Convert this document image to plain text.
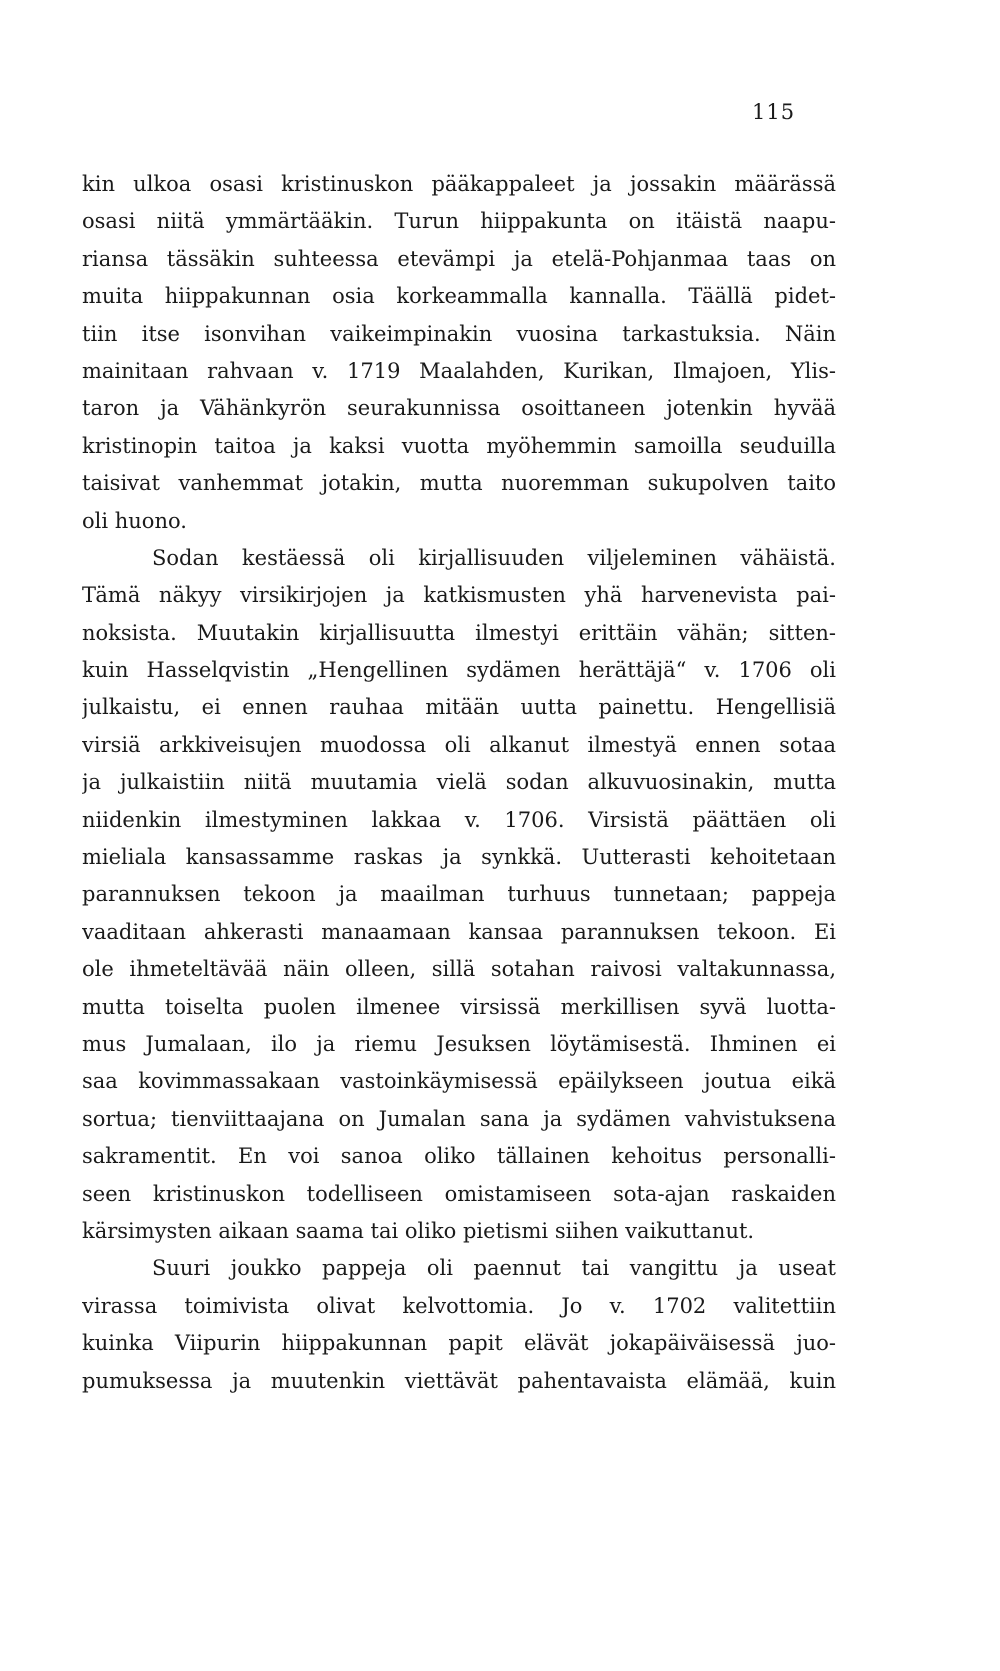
115
kin ulkoa osasi kristinuskon pääkappaleet ja jossakin määrässä
osasi niitä ymmärtääkin. Turun hiippakunta on itäistä naapu-
riansa tässäkin suhteessa etevämpi ja etelä-Pohjanmaa taas on
muita hiippakunnan osia korkeammalla kannalla. Täällä pidet-
tiin itse isonvihan vaikeimpinakin vuosina tarkastuksia. Näin
mainitaan rahvaan v. 1719 Maalahden, Kurikan, Ilmajoen, Ylis-
taron ja Vähänkyrön seurakunnissa osoittaneen jotenkin hyvää
kristinopin taitoa ja kaksi vuotta myöhemmin samoilla seuduilla
taisivat vanhemmat jotakin, mutta nuoremman sukupolven taito
oli huono.
Sodan kestäessä oli kirjallisuuden viljeleminen vähäistä.
Tämä näkyy virsikirjojen ja katkismusten yhä harvenevista pai-
noksista. Muutakin kirjallisuutta ilmestyi erittäin vähän; sitten-
kuin Hasselqvistin „Hengellinen sydämen herättäjä“ v. 1706 oli
julkaistu, ei ennen rauhaa mitään uutta painettu. Hengellisiä
virsiä arkkiveisujen muodossa oli alkanut ilmestyä ennen sotaa
ja julkaistiin niitä muutamia vielä sodan alkuvuosinakin, mutta
niidenkin ilmestyminen lakkaa v. 1706. Virsistä päättäen oli
mieliala kansassamme raskas ja synkkä. Uutterasti kehoitetaan
parannuksen tekoon ja maailman turhuus tunnetaan; pappeja
vaaditaan ahkerasti manaamaan kansaa parannuksen tekoon. Ei
ole ihmeteltävää näin olleen, sillä sotahan raivosi valtakunnassa,
mutta toiselta puolen ilmenee virsissä merkillisen syvä luotta-
mus Jumalaan, ilo ja riemu Jesuksen löytämisestä. Ihminen ei
saa kovimmassakaan vastoinkäymisessä epäilykseen joutua eikä
sortua; tienviittaajana on Jumalan sana ja sydämen vahvistuksena
sakramentit. En voi sanoa oliko tällainen kehoitus personalli-
seen kristinuskon todelliseen omistamiseen sota-ajan raskaiden
kärsimysten aikaan saama tai oliko pietismi siihen vaikuttanut.
Suuri joukko pappeja oli paennut tai vangittu ja useat
virassa toimivista olivat kelvottomia. Jo v. 1702 valitettiin
kuinka Viipurin hiippakunnan papit elävät jokapäiväisessä juo-
pumuksessa ja muutenkin viettävät pahentavaista elämää, kuin
